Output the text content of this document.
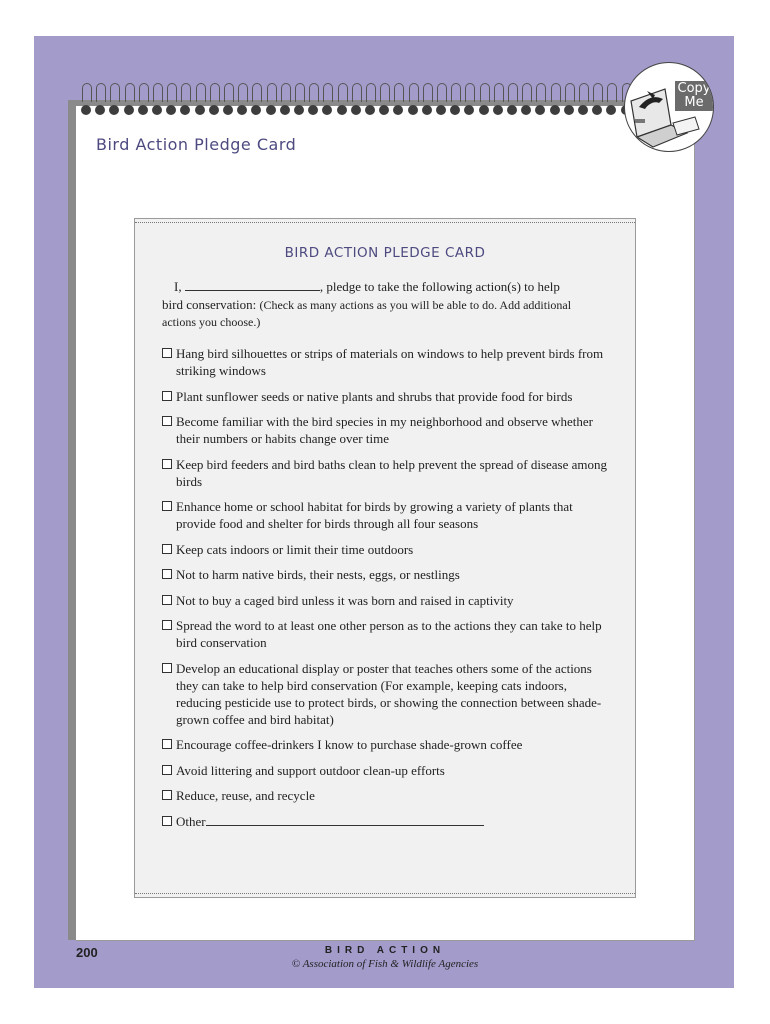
Bird Action Pledge Card
Copy Me
BIRD ACTION PLEDGE CARD
I,	, pledge to take the following action(s) to help
bird conservation: (Check as many actions as you will be able to do. Add additional
actions you choose.)
Hang bird silhouettes or strips of materials on windows to help prevent birds from striking windows
Plant sunflower seeds or native plants and shrubs that provide food for birds
Become familiar with the bird species in my neighborhood and observe whether their numbers or habits change over time
Keep bird feeders and bird baths clean to help prevent the spread of disease among birds
Enhance home or school habitat for birds by growing a variety of plants that provide food and shelter for birds through all four seasons
Keep cats indoors or limit their time outdoors
Not to harm native birds, their nests, eggs, or nestlings
Not to buy a caged bird unless it was born and raised in captivity
Spread the word to at least one other person as to the actions they can take to help bird conservation
Develop an educational display or poster that teaches others some of the actions they can take to help bird conservation (For example, keeping cats indoors, reducing pesticide use to protect birds, or showing the connection between shade-grown coffee and bird habitat)
Encourage coffee-drinkers I know to purchase shade-grown coffee
Avoid littering and support outdoor clean-up efforts
Reduce, reuse, and recycle
Other
200	BIRD ACTION
© Association of Fish & Wildlife Agencies
